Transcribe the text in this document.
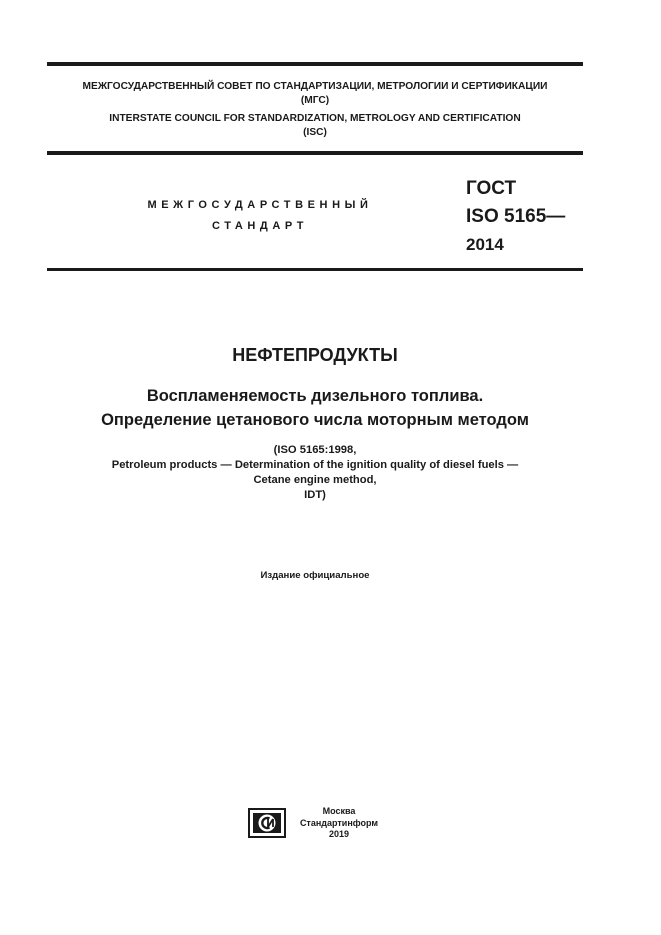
МЕЖГОСУДАРСТВЕННЫЙ СОВЕТ ПО СТАНДАРТИЗАЦИИ, МЕТРОЛОГИИ И СЕРТИФИКАЦИИ
(МГС)
INTERSTATE COUNCIL FOR STANDARDIZATION, METROLOGY AND CERTIFICATION
(ISC)
МЕЖГОСУДАРСТВЕННЫЙ
СТАНДАРТ
ГОСТ
ISO 5165—
2014
НЕФТЕПРОДУКТЫ
Воспламеняемость дизельного топлива.
Определение цетанового числа моторным методом
(ISO 5165:1998,
Petroleum products — Determination of the ignition quality of diesel fuels —
Cetane engine method,
IDT)
Издание официальное
Москва
Стандартинформ
2019
